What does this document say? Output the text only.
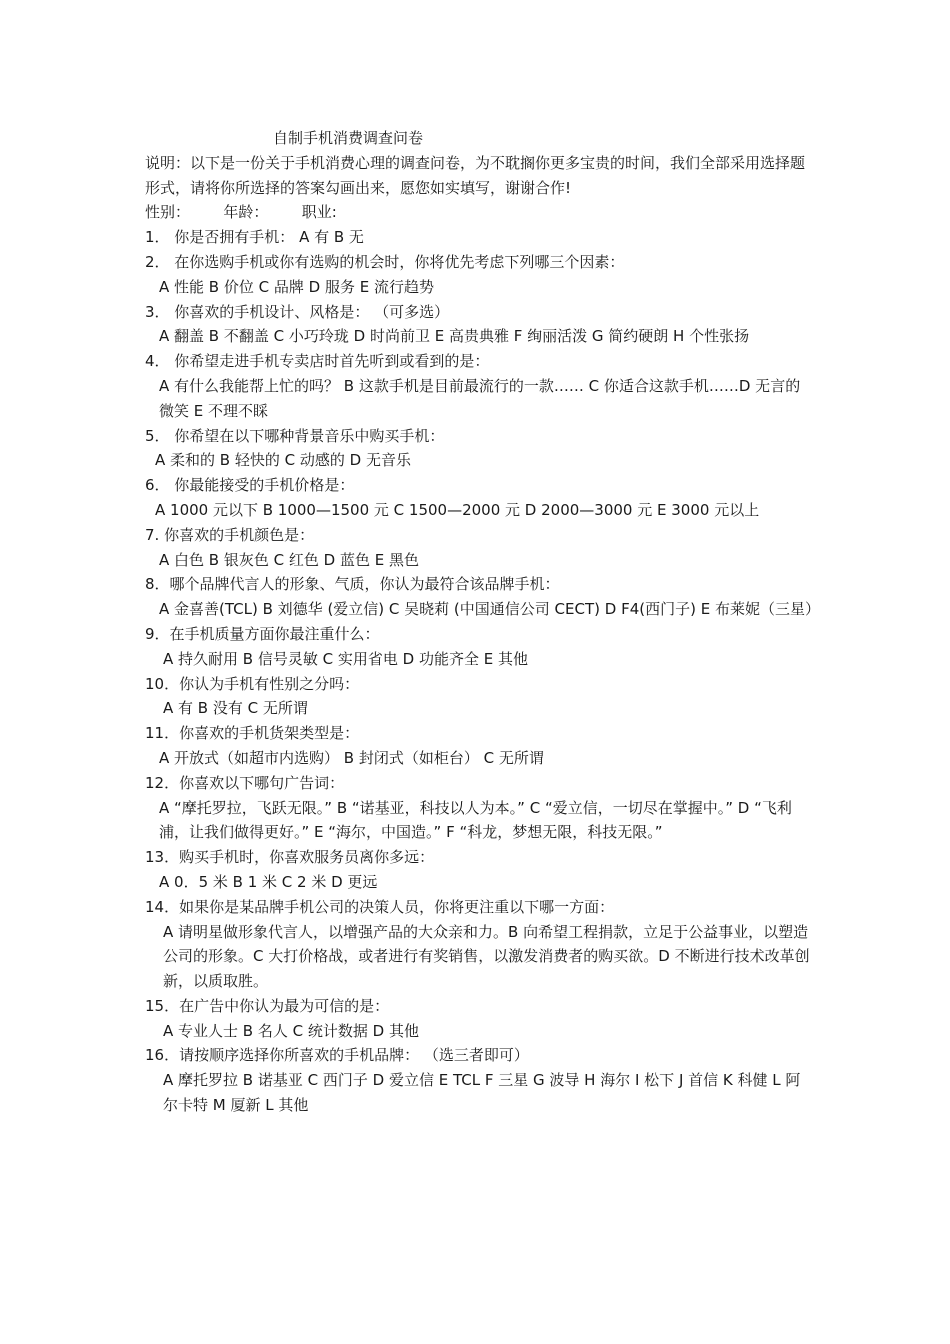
自制手机消费调查问卷

说明：以下是一份关于手机消费心理的调查问卷，为不耽搁你更多宝贵的时间，我们全部采用选择题形式，请将你所选择的答案勾画出来，愿您如实填写，谢谢合作!

性别：       年龄：       职业:

1． 你是否拥有手机： A 有 B 无

2． 在你选购手机或你有选购的机会时，你将优先考虑下列哪三个因素：

A 性能 B 价位 C 品牌 D 服务 E 流行趋势

3． 你喜欢的手机设计、风格是： （可多选）

A 翻盖 B 不翻盖 C 小巧玲珑 D 时尚前卫 E 高贵典雅 F 绚丽活泼 G 简约硬朗 H 个性张扬

4． 你希望走进手机专卖店时首先听到或看到的是：

A 有什么我能帮上忙的吗？ B 这款手机是目前最流行的一款…… C 你适合这款手机……D 无言的微笑 E 不理不睬

5． 你希望在以下哪种背景音乐中购买手机：

A 柔和的 B 轻快的 C 动感的 D 无音乐

6． 你最能接受的手机价格是：

A 1000 元以下 B 1000—1500 元 C 1500—2000 元 D 2000—3000 元 E 3000 元以上

7. 你喜欢的手机颜色是：

A 白色 B 银灰色 C 红色 D 蓝色 E 黑色

8．哪个品牌代言人的形象、气质，你认为最符合该品牌手机：

A 金喜善(TCL) B 刘德华 (爱立信) C 吴晓莉 (中国通信公司 CECT) D F4(西门子) E 布莱妮（三星）

9．在手机质量方面你最注重什么：

A 持久耐用 B 信号灵敏 C 实用省电 D 功能齐全 E 其他

10．你认为手机有性别之分吗：

A 有 B 没有 C 无所谓

11．你喜欢的手机货架类型是：

A 开放式（如超市内选购） B 封闭式（如柜台） C 无所谓

12．你喜欢以下哪句广告词：

A “摩托罗拉，飞跃无限。” B “诺基亚，科技以人为本。” C “爱立信，一切尽在掌握中。” D “飞利浦，让我们做得更好。” E “海尔，中国造。” F “科龙，梦想无限，科技无限。”

13．购买手机时，你喜欢服务员离你多远：

A 0．5 米 B 1 米 C 2 米 D 更远

14．如果你是某品牌手机公司的决策人员，你将更注重以下哪一方面：

A 请明星做形象代言人，以增强产品的大众亲和力。B 向希望工程捐款，立足于公益事业，以塑造公司的形象。C 大打价格战，或者进行有奖销售，以激发消费者的购买欲。D 不断进行技术改革创新，以质取胜。

15．在广告中你认为最为可信的是：

A 专业人士 B 名人 C 统计数据 D 其他

16．请按顺序选择你所喜欢的手机品牌： （选三者即可）

A 摩托罗拉 B 诺基亚 C 西门子 D 爱立信 E TCL F 三星 G 波导 H 海尔 I 松下 J 首信 K 科健 L 阿尔卡特 M 厦新 L 其他
